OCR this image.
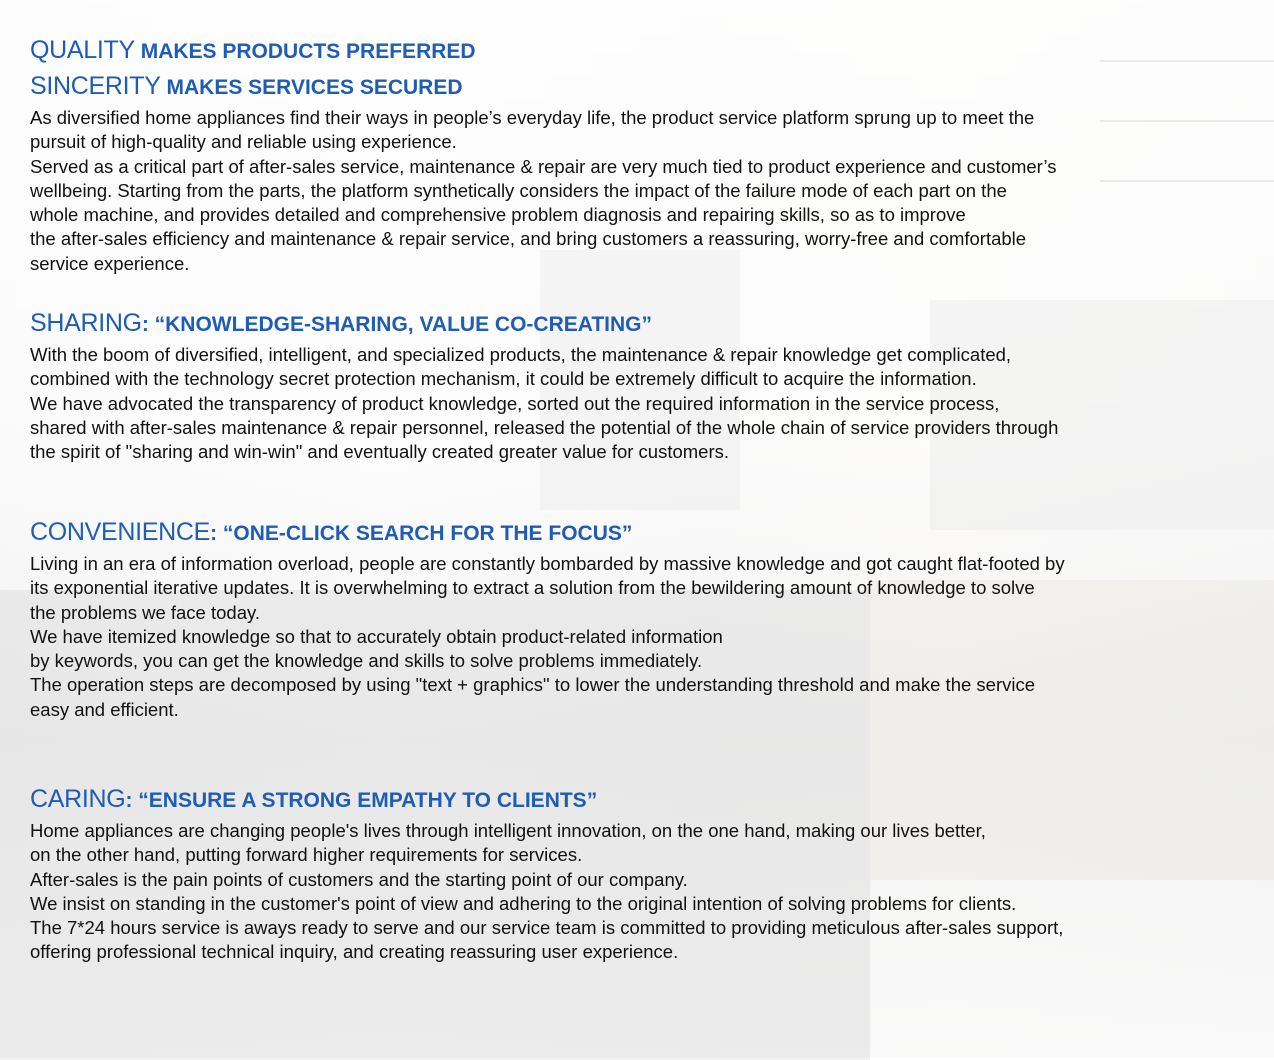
QUALITY MAKES PRODUCTS PREFERRED
SINCERITY MAKES SERVICES SECURED

As diversified home appliances find their ways in people’s everyday life, the product service platform sprung up to meet the
pursuit of high-quality and reliable using experience.
Served as a critical part of after-sales service, maintenance & repair are very much tied to product experience and customer’s
wellbeing. Starting from the parts, the platform synthetically considers the impact of the failure mode of each part on the
whole machine, and provides detailed and comprehensive problem diagnosis and repairing skills, so as to improve
the after-sales efficiency and maintenance & repair service, and bring customers a reassuring, worry-free and comfortable
service experience.

SHARING: “KNOWLEDGE-SHARING, VALUE CO-CREATING”

With the boom of diversified, intelligent, and specialized products, the maintenance & repair knowledge get complicated,
combined with the technology secret protection mechanism, it could be extremely difficult to acquire the information.
We have advocated the transparency of product knowledge, sorted out the required information in the service process,
shared with after-sales maintenance & repair personnel, released the potential of the whole chain of service providers through
the spirit of "sharing and win-win" and eventually created greater value for customers.

CONVENIENCE: “ONE-CLICK SEARCH FOR THE FOCUS”

Living in an era of information overload, people are constantly bombarded by massive knowledge and got caught flat-footed by
its exponential iterative updates. It is overwhelming to extract a solution from the bewildering amount of knowledge to solve
the problems we face today.
We have itemized knowledge so that to accurately obtain product-related information
by keywords, you can get the knowledge and skills to solve problems immediately.
The operation steps are decomposed by using "text + graphics" to lower the understanding threshold and make the service
easy and efficient.

CARING: “ENSURE A STRONG EMPATHY TO CLIENTS”

Home appliances are changing people's lives through intelligent innovation, on the one hand, making our lives better,
on the other hand, putting forward higher requirements for services.
After-sales is the pain points of customers and the starting point of our company.
We insist on standing in the customer's point of view and adhering to the original intention of solving problems for clients.
The 7*24 hours service is aways ready to serve and our service team is committed to providing meticulous after-sales support,
offering professional technical inquiry, and creating reassuring user experience.
